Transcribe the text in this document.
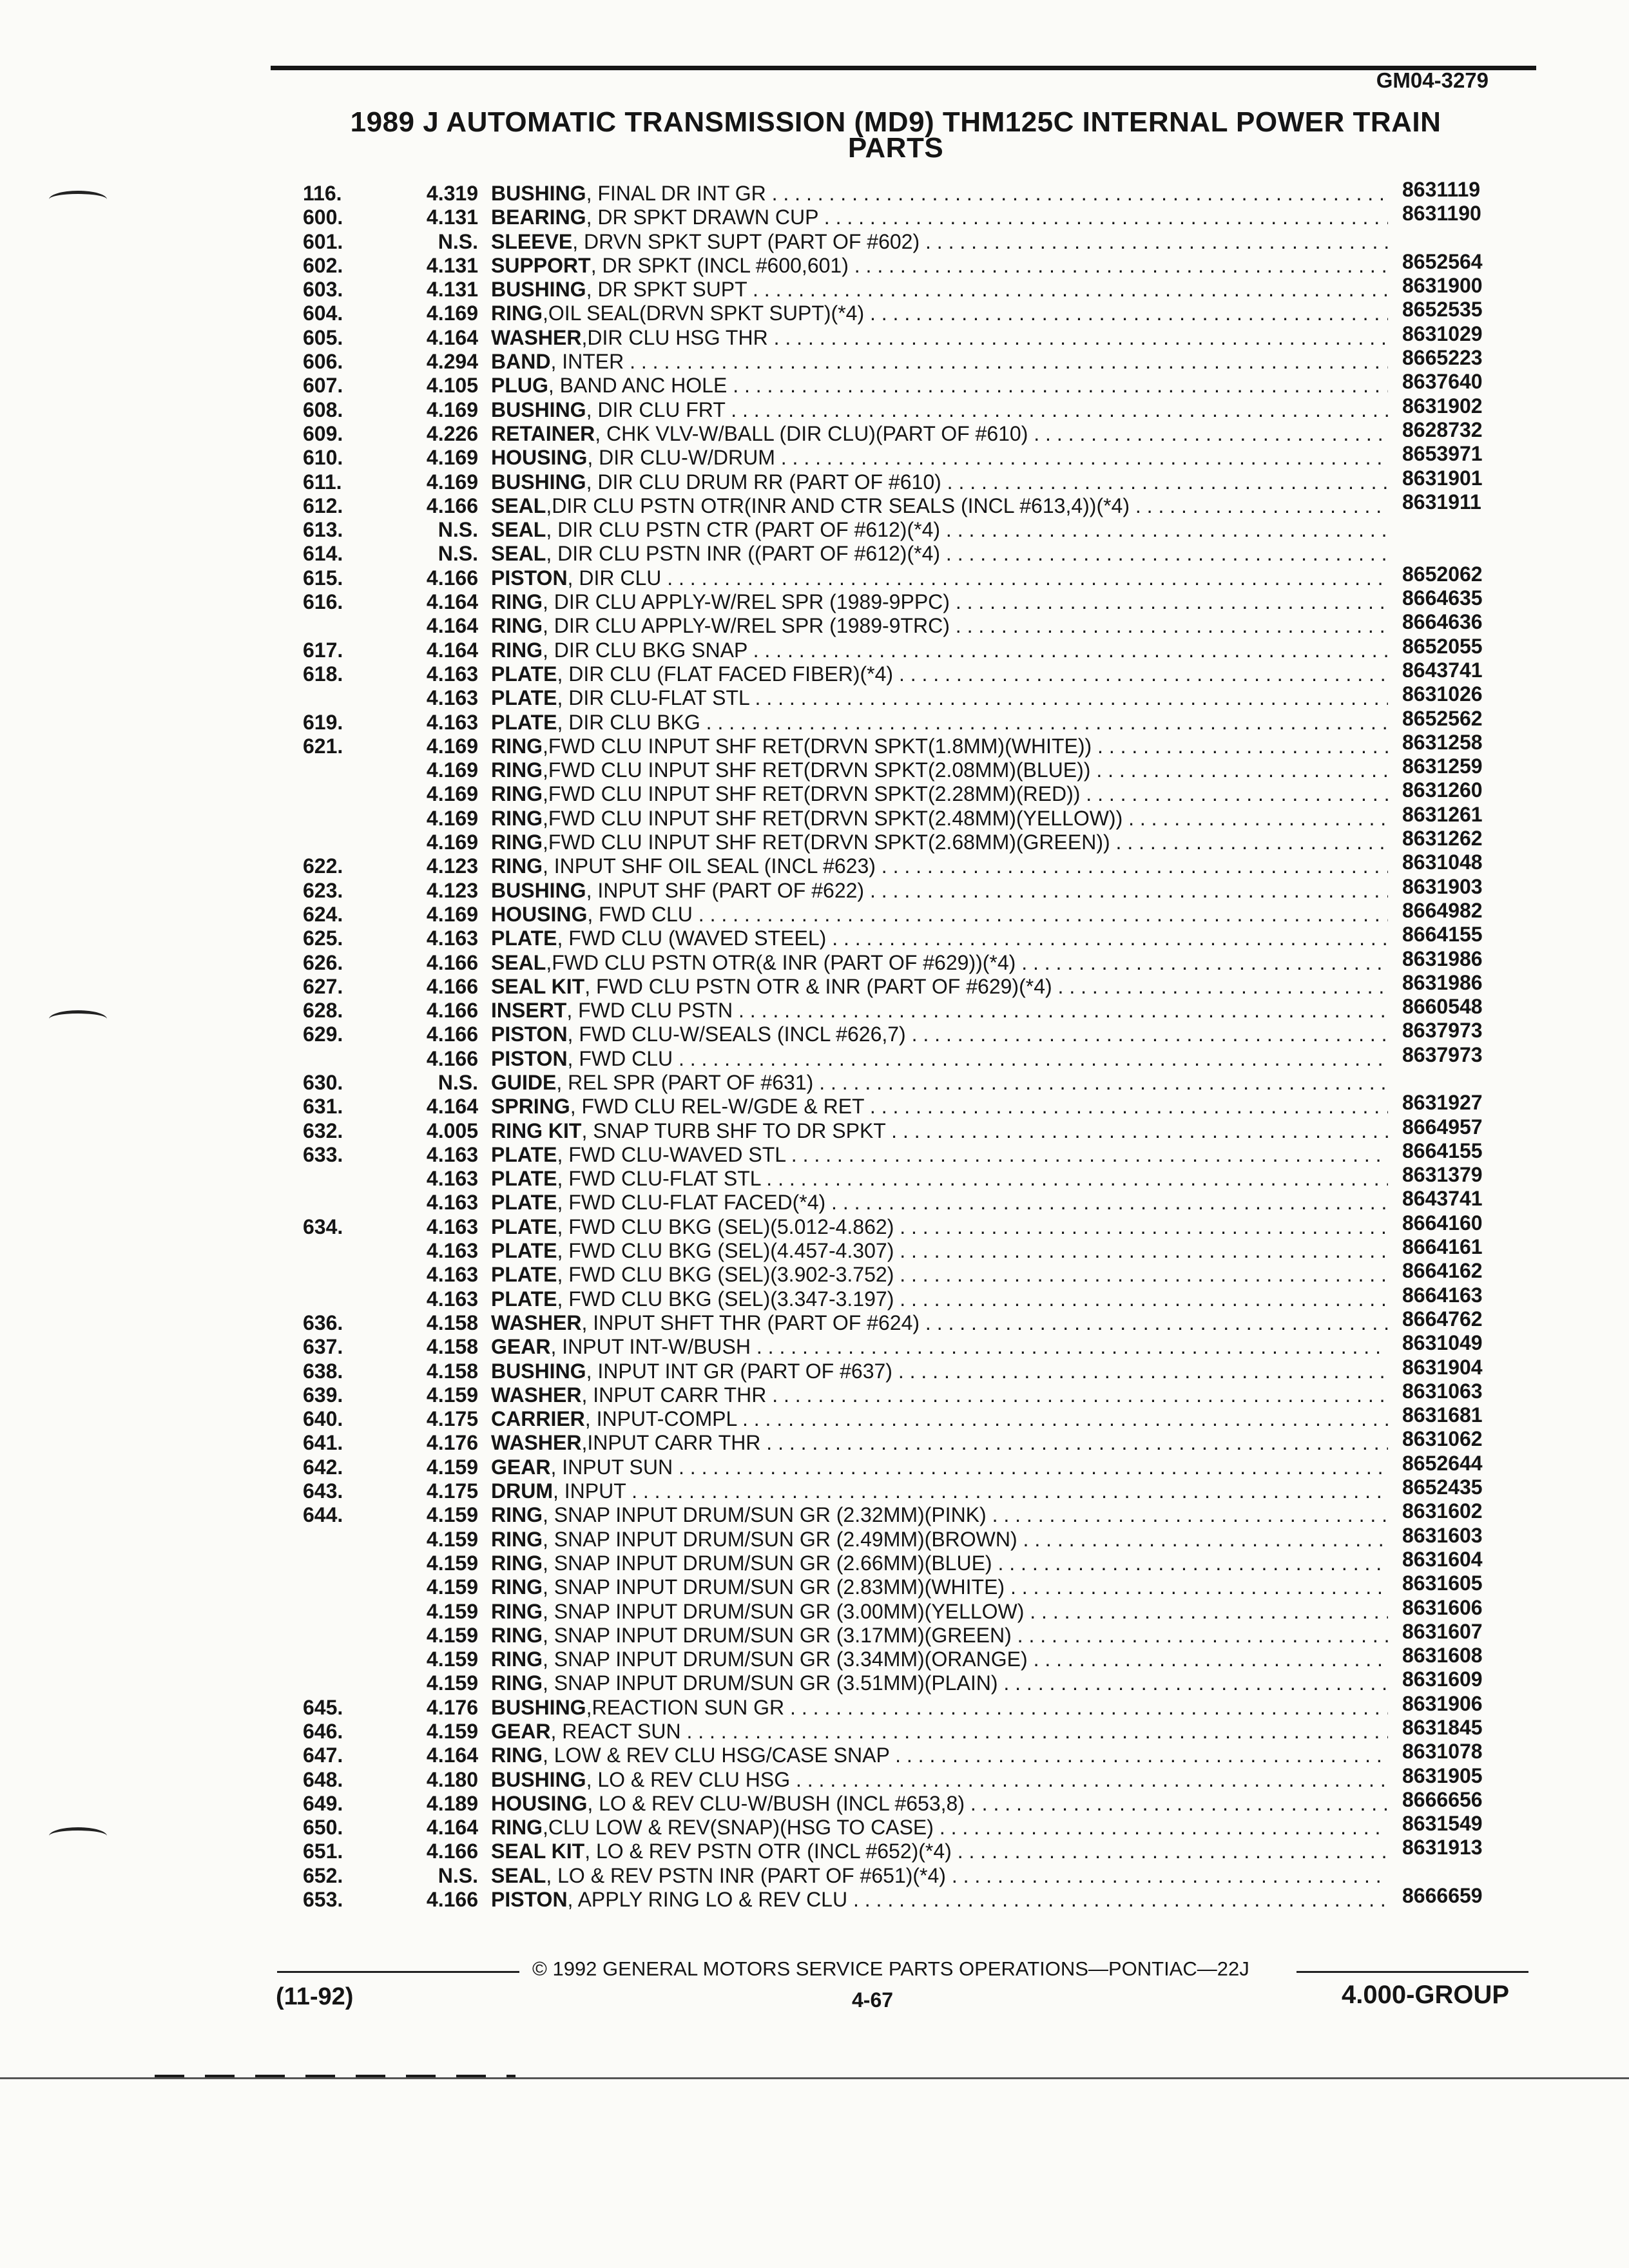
GM04-3279
1989 J AUTOMATIC TRANSMISSION (MD9) THM125C INTERNAL POWER TRAIN
PARTS
116.	4.319 BUSHING, FINAL DR INT GR . . .	8631119
600.	4.131 BEARING, DR SPKT DRAWN CUP . . .	8631190
601.	N.S. SLEEVE, DRVN SPKT SUPT (PART OF #602) . . .
602.	4.131 SUPPORT, DR SPKT (INCL #600,601) . . .	8652564
603.	4.131 BUSHING, DR SPKT SUPT . . .	8631900
604.	4.169 RING,OIL SEAL(DRVN SPKT SUPT)(*4) . . .	8652535
605.	4.164 WASHER,DIR CLU HSG THR . . .	8631029
606.	4.294 BAND, INTER . . .	8665223
607.	4.105 PLUG, BAND ANC HOLE . . .	8637640
608.	4.169 BUSHING, DIR CLU FRT . . .	8631902
609.	4.226 RETAINER, CHK VLV-W/BALL (DIR CLU)(PART OF #610) . . .	8628732
610.	4.169 HOUSING, DIR CLU-W/DRUM . . .	8653971
611.	4.169 BUSHING, DIR CLU DRUM RR (PART OF #610) . . .	8631901
612.	4.166 SEAL,DIR CLU PSTN OTR(INR AND CTR SEALS (INCL #613,4))(*4) . . .	8631911
613.	N.S. SEAL, DIR CLU PSTN CTR (PART OF #612)(*4) . . .
614.	N.S. SEAL, DIR CLU PSTN INR ((PART OF #612)(*4) . . .
615.	4.166 PISTON, DIR CLU . . .	8652062
616.	4.164 RING, DIR CLU APPLY-W/REL SPR (1989-9PPC) . . .	8664635
4.164 RING, DIR CLU APPLY-W/REL SPR (1989-9TRC) . . .	8664636
617.	4.164 RING, DIR CLU BKG SNAP . . .	8652055
618.	4.163 PLATE, DIR CLU (FLAT FACED FIBER)(*4) . . .	8643741
4.163 PLATE, DIR CLU-FLAT STL . . .	8631026
619.	4.163 PLATE, DIR CLU BKG . . .	8652562
621.	4.169 RING,FWD CLU INPUT SHF RET(DRVN SPKT(1.8MM)(WHITE)) . . .	8631258
4.169 RING,FWD CLU INPUT SHF RET(DRVN SPKT(2.08MM)(BLUE)) . . .	8631259
4.169 RING,FWD CLU INPUT SHF RET(DRVN SPKT(2.28MM)(RED)) . . .	8631260
4.169 RING,FWD CLU INPUT SHF RET(DRVN SPKT(2.48MM)(YELLOW)) . . .	8631261
4.169 RING,FWD CLU INPUT SHF RET(DRVN SPKT(2.68MM)(GREEN)) . . .	8631262
622.	4.123 RING, INPUT SHF OIL SEAL (INCL #623) . . .	8631048
623.	4.123 BUSHING, INPUT SHF (PART OF #622) . . .	8631903
624.	4.169 HOUSING, FWD CLU . . .	8664982
625.	4.163 PLATE, FWD CLU (WAVED STEEL) . . .	8664155
626.	4.166 SEAL,FWD CLU PSTN OTR(& INR (PART OF #629))(*4) . . .	8631986
627.	4.166 SEAL KIT, FWD CLU PSTN OTR & INR (PART OF #629)(*4) . . .	8631986
628.	4.166 INSERT, FWD CLU PSTN . . .	8660548
629.	4.166 PISTON, FWD CLU-W/SEALS (INCL #626,7) . . .	8637973
4.166 PISTON, FWD CLU . . .	8637973
630.	N.S. GUIDE, REL SPR (PART OF #631) . . .
631.	4.164 SPRING, FWD CLU REL-W/GDE & RET . . .	8631927
632.	4.005 RING KIT, SNAP TURB SHF TO DR SPKT . . .	8664957
633.	4.163 PLATE, FWD CLU-WAVED STL . . .	8664155
4.163 PLATE, FWD CLU-FLAT STL . . .	8631379
4.163 PLATE, FWD CLU-FLAT FACED(*4) . . .	8643741
634.	4.163 PLATE, FWD CLU BKG (SEL)(5.012-4.862) . . .	8664160
4.163 PLATE, FWD CLU BKG (SEL)(4.457-4.307) . . .	8664161
4.163 PLATE, FWD CLU BKG (SEL)(3.902-3.752) . . .	8664162
4.163 PLATE, FWD CLU BKG (SEL)(3.347-3.197) . . .	8664163
636.	4.158 WASHER, INPUT SHFT THR (PART OF #624) . . .	8664762
637.	4.158 GEAR, INPUT INT-W/BUSH . . .	8631049
638.	4.158 BUSHING, INPUT INT GR (PART OF #637) . . .	8631904
639.	4.159 WASHER, INPUT CARR THR . . .	8631063
640.	4.175 CARRIER, INPUT-COMPL . . .	8631681
641.	4.176 WASHER,INPUT CARR THR . . .	8631062
642.	4.159 GEAR, INPUT SUN . . .	8652644
643.	4.175 DRUM, INPUT . . .	8652435
644.	4.159 RING, SNAP INPUT DRUM/SUN GR (2.32MM)(PINK) . . .	8631602
4.159 RING, SNAP INPUT DRUM/SUN GR (2.49MM)(BROWN) . . .	8631603
4.159 RING, SNAP INPUT DRUM/SUN GR (2.66MM)(BLUE) . . .	8631604
4.159 RING, SNAP INPUT DRUM/SUN GR (2.83MM)(WHITE) . . .	8631605
4.159 RING, SNAP INPUT DRUM/SUN GR (3.00MM)(YELLOW) . . .	8631606
4.159 RING, SNAP INPUT DRUM/SUN GR (3.17MM)(GREEN) . . .	8631607
4.159 RING, SNAP INPUT DRUM/SUN GR (3.34MM)(ORANGE) . . .	8631608
4.159 RING, SNAP INPUT DRUM/SUN GR (3.51MM)(PLAIN) . . .	8631609
645.	4.176 BUSHING,REACTION SUN GR . . .	8631906
646.	4.159 GEAR, REACT SUN . . .	8631845
647.	4.164 RING, LOW & REV CLU HSG/CASE SNAP . . .	8631078
648.	4.180 BUSHING, LO & REV CLU HSG . . .	8631905
649.	4.189 HOUSING, LO & REV CLU-W/BUSH (INCL #653,8) . . .	8666656
650.	4.164 RING,CLU LOW & REV(SNAP)(HSG TO CASE) . . .	8631549
651.	4.166 SEAL KIT, LO & REV PSTN OTR (INCL #652)(*4) . . .	8631913
652.	N.S. SEAL, LO & REV PSTN INR (PART OF #651)(*4) . . .
653.	4.166 PISTON, APPLY RING LO & REV CLU . . .	8666659
© 1992 GENERAL MOTORS SERVICE PARTS OPERATIONS—PONTIAC—22J
(11-92)	4-67	4.000-GROUP
